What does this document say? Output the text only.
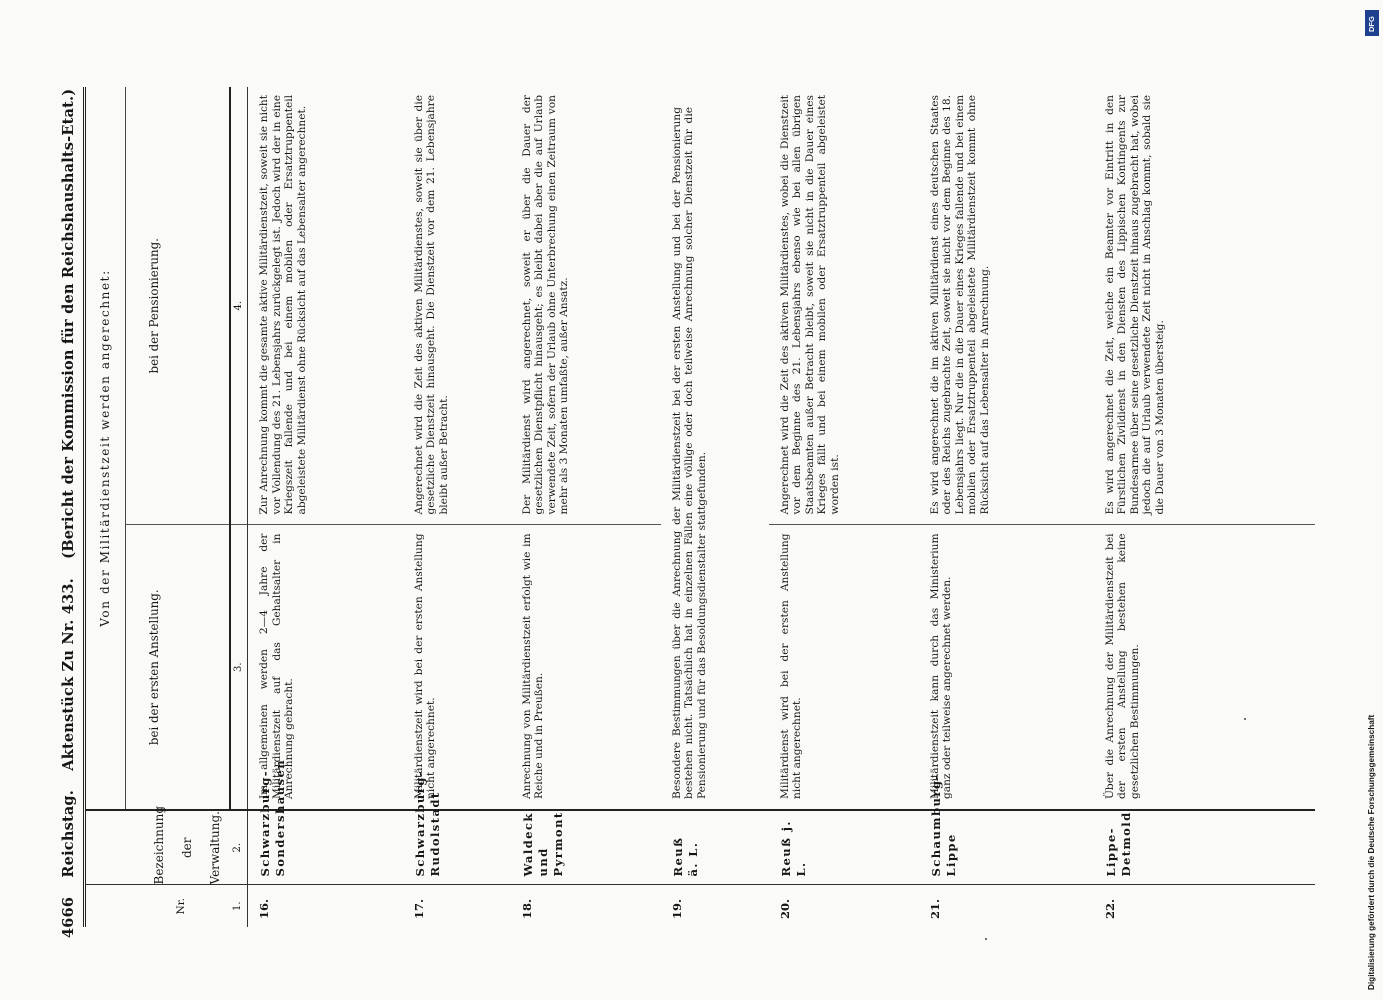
4666 Reichstag. Aktenstück Zu Nr. 433. (Bericht der Kommission für den Reichshaushalts-Etat.)
Nr.	Bezeichnung der Verwaltung.	Von der Militärdienstzeit werden angerechnet:	
		bei der ersten Anstellung.	bei der Pensionierung.
1.	2.	3.	4.
16.	Schwarzburg-Sondershausen	Im allgemeinen werden 2—4 Jahre der Militärdienstzeit auf das Gehaltsalter in Anrechnung gebracht.	Zur Anrechnung kommt die gesamte aktive Militärdienstzeit, soweit sie nicht vor Vollendung des 21. Lebensjahrs zurückgelegt ist. Jedoch wird der in eine Kriegszeit fallende und bei einem mobilen oder Ersatztruppenteil abgeleistete Militärdienst ohne Rücksicht auf das Lebensalter angerechnet.
17.	Schwarzburg-Rudolstadt	Militärdienstzeit wird bei der ersten Anstellung nicht angerechnet.	Angerechnet wird die Zeit des aktiven Militärdienstes, soweit sie über die gesetzliche Dienstzeit hinausgeht. Die Dienstzeit vor dem 21. Lebensjahre bleibt außer Betracht.
18.	Waldeck und Pyrmont	Anrechnung von Militärdienstzeit erfolgt wie im Reiche und in Preußen.	Der Militärdienst wird angerechnet, soweit er über die Dauer der gesetzlichen Dienstpflicht hinausgeht; es bleibt dabei aber die auf Urlaub verwendete Zeit, sofern der Urlaub ohne Unterbrechung einen Zeitraum von mehr als 3 Monaten umfaßte, außer Ansatz.
19.	Reuß ä. L.	Besondere Bestimmungen über die Anrechnung der Militärdienstzeit bei der ersten Anstellung und bei der Pensionierung bestehen nicht. Tatsächlich hat in einzelnen Fällen eine völlige oder doch teilweise Anrechnung solcher Dienstzeit für die Pensionierung und für das Besoldungsdienstalter stattgefunden.	
20.	Reuß j. L.	Militärdienst wird bei der ersten Anstellung nicht angerechnet.	Angerechnet wird die Zeit des aktiven Militärdienstes, wobei die Dienstzeit vor dem Beginne des 21. Lebensjahrs ebenso wie bei allen übrigen Staatsbeamten außer Betracht bleibt, soweit sie nicht in die Dauer eines Krieges fällt und bei einem mobilen oder Ersatztruppenteil abgeleistet worden ist.
21.	Schaumburg-Lippe	Militärdienstzeit kann durch das Ministerium ganz oder teilweise angerechnet werden.	Es wird angerechnet die im aktiven Militärdienst eines deutschen Staates oder des Reichs zugebrachte Zeit, soweit sie nicht vor dem Beginne des 18. Lebensjahrs liegt. Nur die in die Dauer eines Krieges fallende und bei einem mobilen oder Ersatztruppenteil abgeleistete Militärdienstzeit kommt ohne Rücksicht auf das Lebensalter in Anrechnung.
22.	Lippe-Detmold	Über die Anrechnung der Militärdienstzeit bei der ersten Anstellung bestehen keine gesetzlichen Bestimmungen.	Es wird angerechnet die Zeit, welche ein Beamter vor Eintritt in den Fürstlichen Zivildienst in den Diensten des Lippischen Kontingents zur Bundesarmee über seine gesetzliche Dienstzeit hinaus zugebracht hat, wobei jedoch die auf Urlaub verwendete Zeit nicht in Anschlag kommt, sobald sie die Dauer von 3 Monaten übersteig.
DFG
Digitalisierung gefördert durch die Deutsche Forschungsgemeinschaft
